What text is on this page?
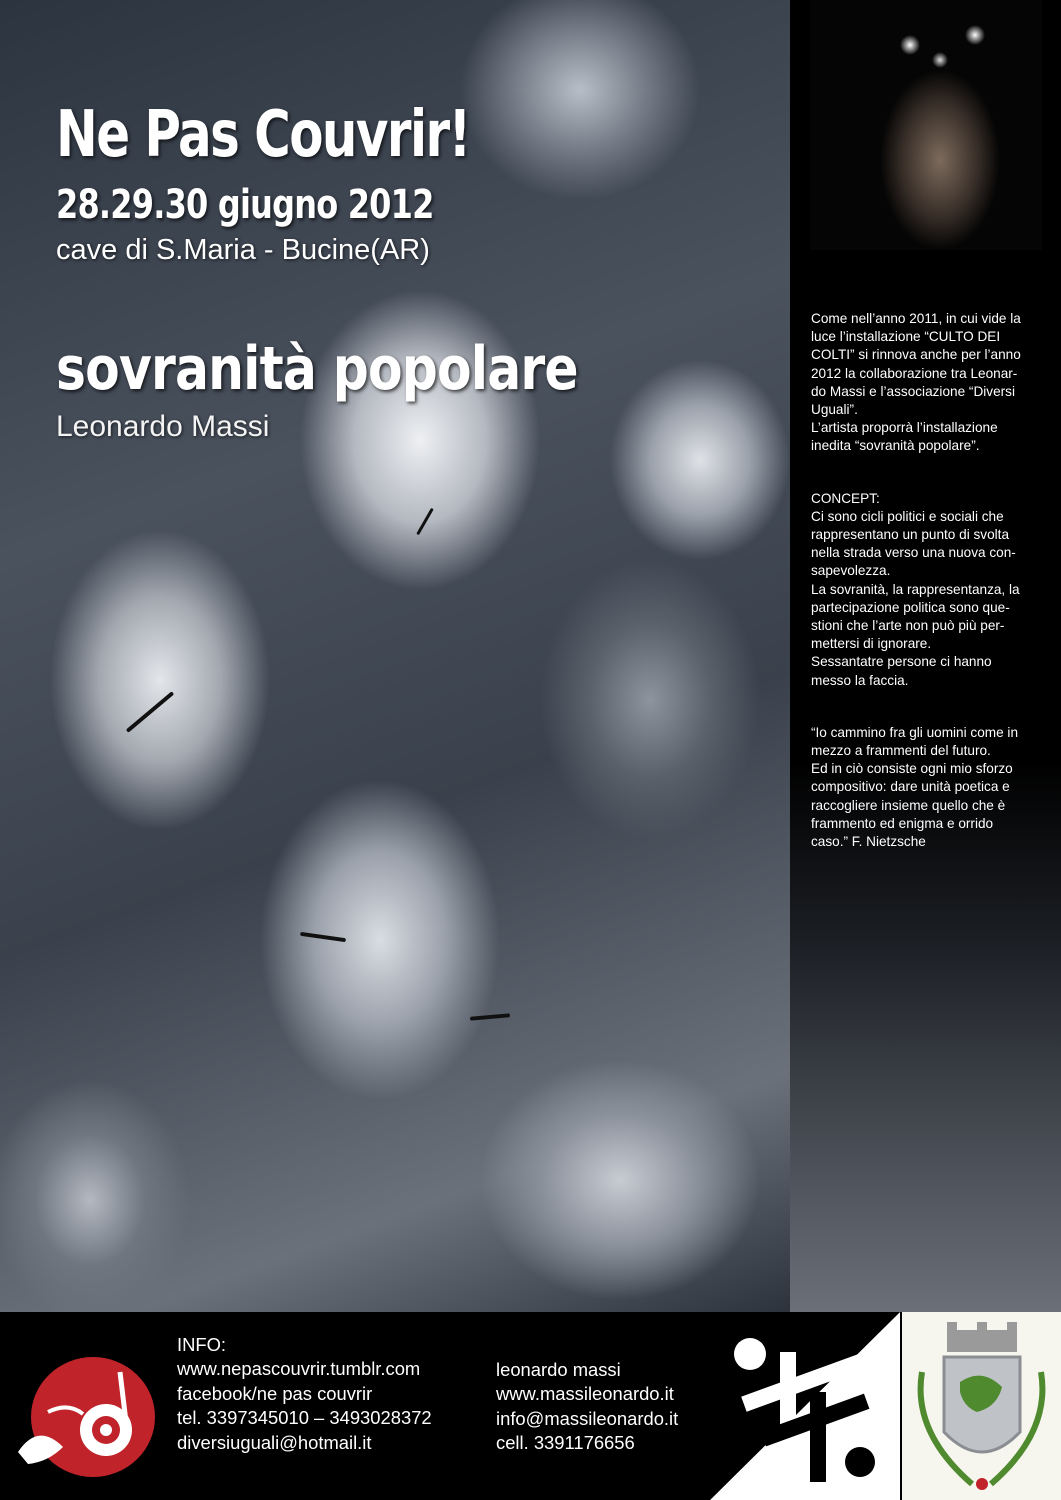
Ne Pas Couvrir!
28.29.30 giugno 2012
cave di S.Maria - Bucine(AR)
sovranità popolare
Leonardo Massi

Come nell’anno 2011, in cui vide la
luce l’installazione “CULTO DEI
COLTI” si rinnova anche per l’anno
2012 la collaborazione tra Leonar-
do Massi e l’associazione “Diversi
Uguali”.
L’artista proporrà l’installazione
inedita “sovranità popolare”.

CONCEPT:
Ci sono cicli politici e sociali che
rappresentano un punto di svolta
nella strada verso una nuova con-
sapevolezza.
La sovranità, la rappresentanza, la
partecipazione politica sono que-
stioni che l’arte non può più per-
mettersi di ignorare.
Sessantatre persone ci hanno
messo la faccia.

“Io cammino fra gli uomini come in
mezzo a frammenti del futuro.
Ed in ciò consiste ogni mio sforzo
compositivo: dare unità poetica e
raccogliere insieme quello che è
frammento ed enigma e orrido
caso.” F. Nietzsche

INFO:
www.nepascouvrir.tumblr.com
facebook/ne pas couvrir
tel. 3397345010 – 3493028372
diversiuguali@hotmail.it
leonardo massi
www.massileonardo.it
info@massileonardo.it
cell. 3391176656
